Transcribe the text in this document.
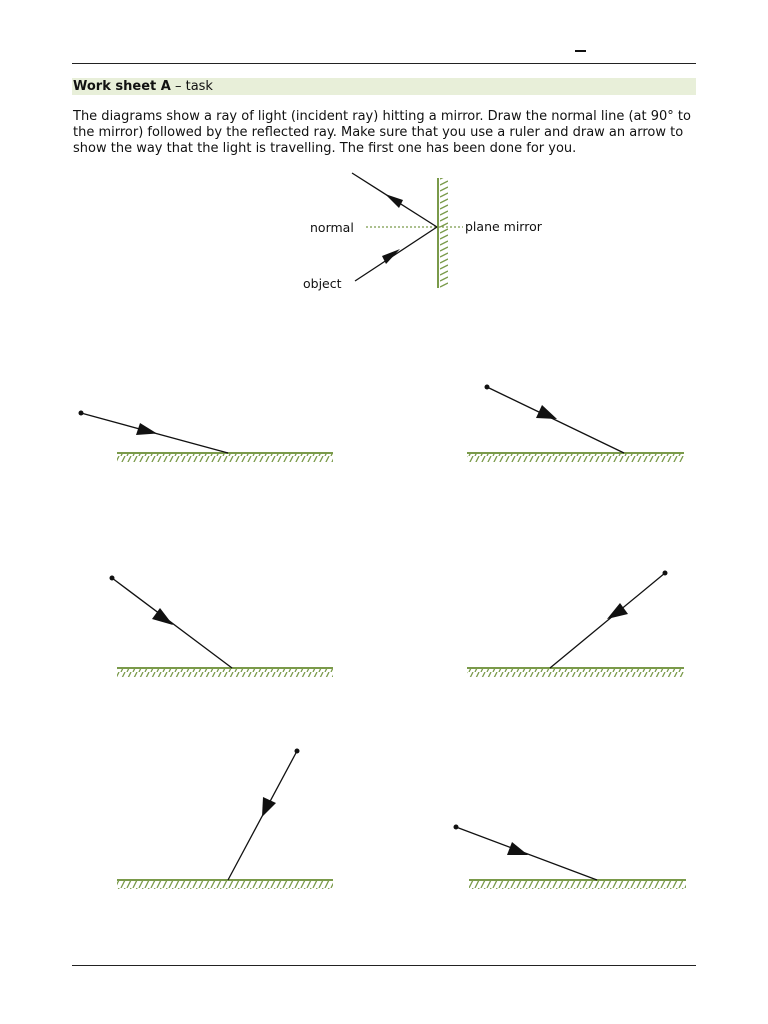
Work sheet A – task
The diagrams show a ray of light (incident ray) hitting a mirror. Draw the normal line (at 90° to the mirror) followed by the reflected ray. Make sure that you use a ruler and draw an arrow to show the way that the light is travelling. The first one has been done for you.
normal	plane mirror
object
